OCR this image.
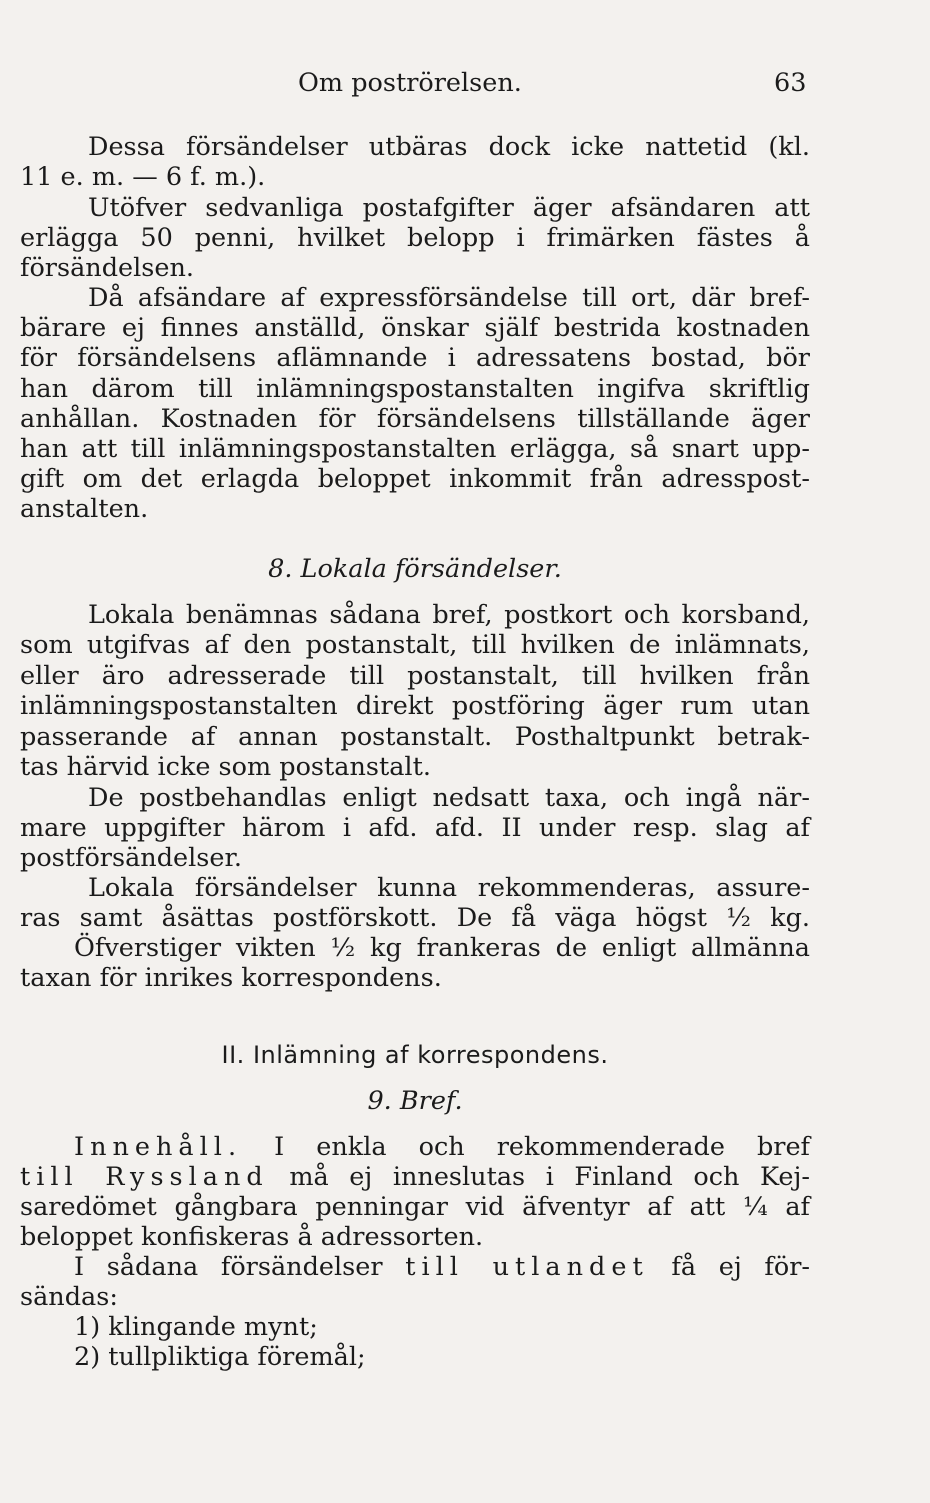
Om poströrelsen.	63
Dessa försändelser utbäras dock icke nattetid (kl.
11 e. m. — 6 f. m.).
Utöfver sedvanliga postafgifter äger afsändaren att
erlägga 50 penni, hvilket belopp i frimärken fästes å
försändelsen.
Då afsändare af expressförsändelse till ort, där bref-
bärare ej finnes anställd, önskar själf bestrida kostnaden
för försändelsens aflämnande i adressatens bostad, bör
han därom till inlämningspostanstalten ingifva skriftlig
anhållan. Kostnaden för försändelsens tillställande äger
han att till inlämningspostanstalten erlägga, så snart upp-
gift om det erlagda beloppet inkommit från adresspost-
anstalten.
8. Lokala försändelser.
Lokala benämnas sådana bref, postkort och korsband,
som utgifvas af den postanstalt, till hvilken de inlämnats,
eller äro adresserade till postanstalt, till hvilken från
inlämningspostanstalten direkt postföring äger rum utan
passerande af annan postanstalt. Posthaltpunkt betrak-
tas härvid icke som postanstalt.
De postbehandlas enligt nedsatt taxa, och ingå när-
mare uppgifter härom i afd. afd. II under resp. slag af
postförsändelser.
Lokala försändelser kunna rekommenderas, assure-
ras samt åsättas postförskott. De få väga högst ½ kg.
Öfverstiger vikten ½ kg frankeras de enligt allmänna
taxan för inrikes korrespondens.
II. Inlämning af korrespondens.
9. Bref.
Innehåll. I enkla och rekommenderade bref
till Ryssland må ej inneslutas i Finland och Kej-
saredömet gångbara penningar vid äfventyr af att ¼ af
beloppet konfiskeras å adressorten.
I sådana försändelser till utlandet få ej för-
sändas:
1) klingande mynt;
2) tullpliktiga föremål;
